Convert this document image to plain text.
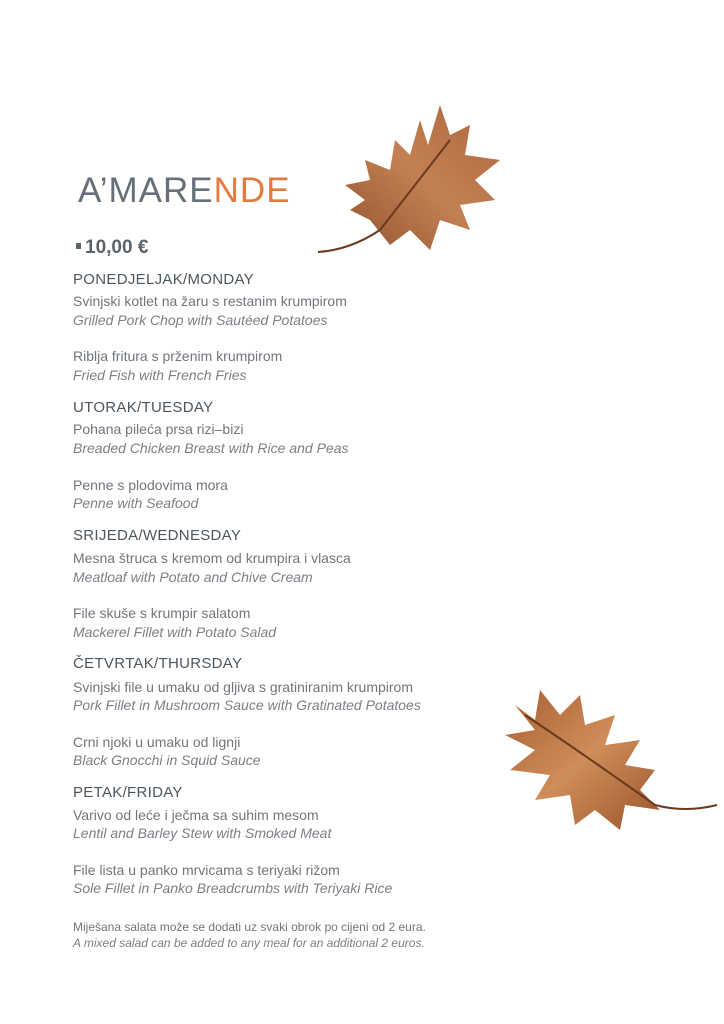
A’MARENDE
10,00 €
PONEDJELJAK/MONDAY
Svinjski kotlet na žaru s restanim krumpirom
Grilled Pork Chop with Sautéed Potatoes
Riblja fritura s prženim krumpirom
Fried Fish with French Fries
UTORAK/TUESDAY
Pohana pileća prsa rizi–bizi
Breaded Chicken Breast with Rice and Peas
Penne s plodovima mora
Penne with Seafood
SRIJEDA/WEDNESDAY
Mesna štruca s kremom od krumpira i vlasca
Meatloaf with Potato and Chive Cream
File skuše s krumpir salatom
Mackerel Fillet with Potato Salad
ČETVRTAK/THURSDAY
Svinjski file u umaku od gljiva s gratiniranim krumpirom
Pork Fillet in Mushroom Sauce with Gratinated Potatoes
Crni njoki u umaku od lignji
Black Gnocchi in Squid Sauce
PETAK/FRIDAY
Varivo od leće i ječma sa suhim mesom
Lentil and Barley Stew with Smoked Meat
File lista u panko mrvicama s teriyaki rižom
Sole Fillet in Panko Breadcrumbs with Teriyaki Rice
Miješana salata može se dodati uz svaki obrok po cijeni od 2 eura.
A mixed salad can be added to any meal for an additional 2 euros.
